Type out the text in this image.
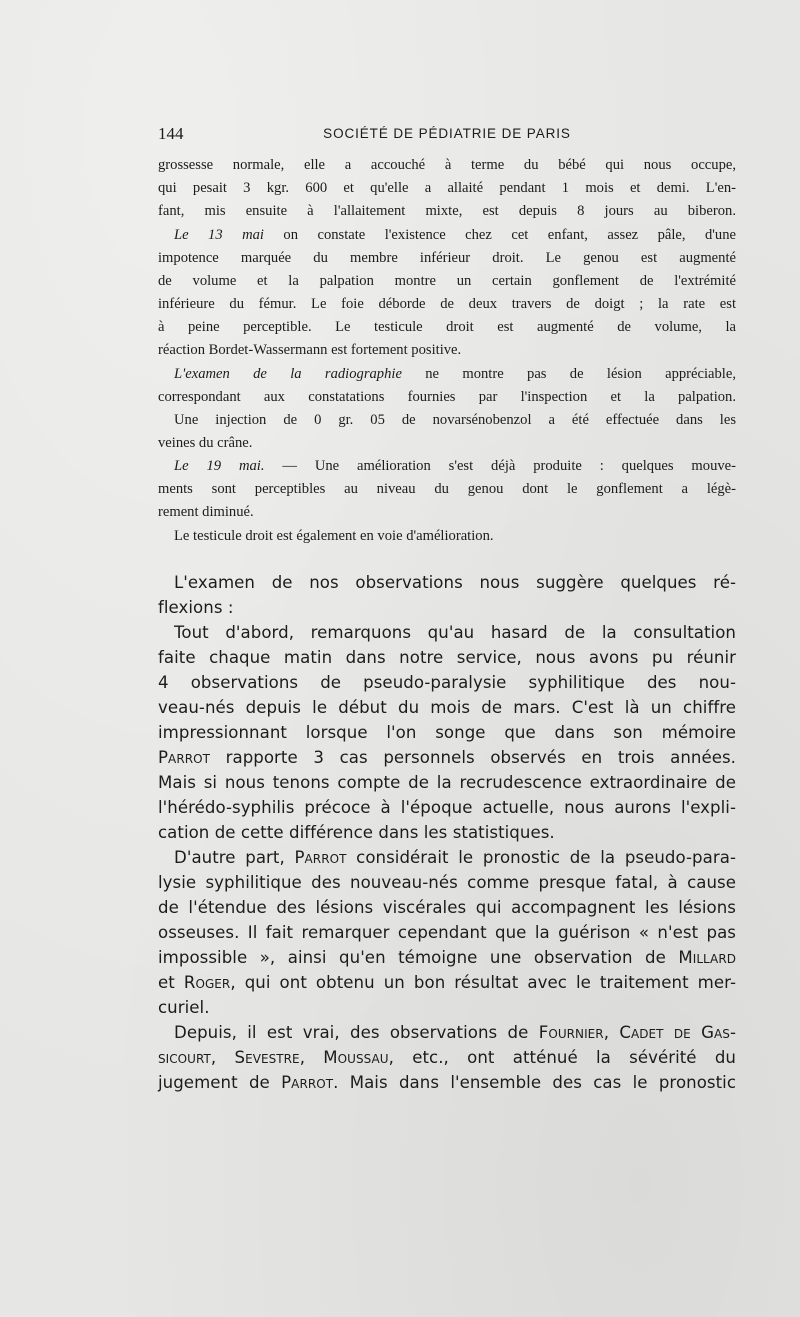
144	SOCIÉTÉ DE PÉDIATRIE DE PARIS
grossesse normale, elle a accouché à terme du bébé qui nous occupe,
qui pesait 3 kgr. 600 et qu'elle a allaité pendant 1 mois et demi. L'en-
fant, mis ensuite à l'allaitement mixte, est depuis 8 jours au biberon.
Le 13 mai on constate l'existence chez cet enfant, assez pâle, d'une
impotence marquée du membre inférieur droit. Le genou est augmenté
de volume et la palpation montre un certain gonflement de l'extrémité
inférieure du fémur. Le foie déborde de deux travers de doigt ; la rate est
à peine perceptible. Le testicule droit est augmenté de volume, la
réaction Bordet-Wassermann est fortement positive.
L'examen de la radiographie ne montre pas de lésion appréciable,
correspondant aux constatations fournies par l'inspection et la palpation.
Une injection de 0 gr. 05 de novarsénobenzol a été effectuée dans les
veines du crâne.
Le 19 mai. — Une amélioration s'est déjà produite : quelques mouve-
ments sont perceptibles au niveau du genou dont le gonflement a légè-
rement diminué.
Le testicule droit est également en voie d'amélioration.
L'examen de nos observations nous suggère quelques ré-
flexions :
Tout d'abord, remarquons qu'au hasard de la consultation
faite chaque matin dans notre service, nous avons pu réunir
4 observations de pseudo-paralysie syphilitique des nou-
veau-nés depuis le début du mois de mars. C'est là un chiffre
impressionnant lorsque l'on songe que dans son mémoire
Parrot rapporte 3 cas personnels observés en trois années.
Mais si nous tenons compte de la recrudescence extraordinaire de
l'hérédo-syphilis précoce à l'époque actuelle, nous aurons l'expli-
cation de cette différence dans les statistiques.
D'autre part, Parrot considérait le pronostic de la pseudo-para-
lysie syphilitique des nouveau-nés comme presque fatal, à cause
de l'étendue des lésions viscérales qui accompagnent les lésions
osseuses. Il fait remarquer cependant que la guérison « n'est pas
impossible », ainsi qu'en témoigne une observation de Millard
et Roger, qui ont obtenu un bon résultat avec le traitement mer-
curiel.
Depuis, il est vrai, des observations de Fournier, Cadet de Gas-
sicourt, Sevestre, Moussau, etc., ont atténué la sévérité du
jugement de Parrot. Mais dans l'ensemble des cas le pronostic
